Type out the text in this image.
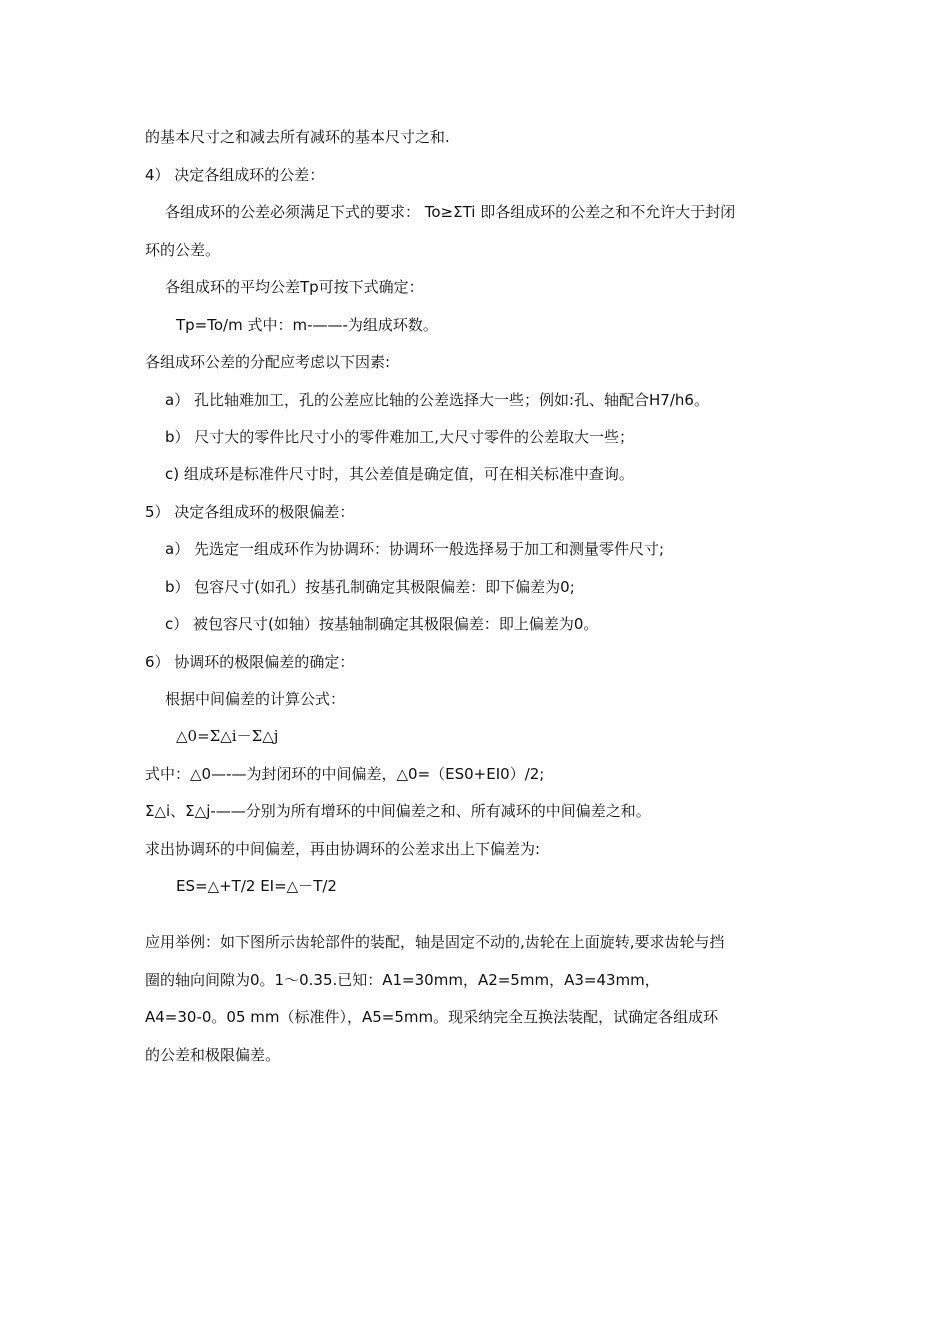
的基本尺寸之和减去所有减环的基本尺寸之和.
4） 决定各组成环的公差：
各组成环的公差必须满足下式的要求： To≥ΣTi 即各组成环的公差之和不允许大于封闭
环的公差。
各组成环的平均公差Tp可按下式确定：
Tp=To/m 式中：m-——-为组成环数。
各组成环公差的分配应考虑以下因素:
a） 孔比轴难加工，孔的公差应比轴的公差选择大一些；例如:孔、轴配合H7/h6。
b） 尺寸大的零件比尺寸小的零件难加工,大尺寸零件的公差取大一些；
c) 组成环是标准件尺寸时，其公差值是确定值，可在相关标准中查询。
5） 决定各组成环的极限偏差：
a） 先选定一组成环作为协调环：协调环一般选择易于加工和测量零件尺寸;
b） 包容尺寸(如孔）按基孔制确定其极限偏差：即下偏差为0;
c） 被包容尺寸(如轴）按基轴制确定其极限偏差：即上偏差为0。
6） 协调环的极限偏差的确定：
根据中间偏差的计算公式：
△0=Σ△i－Σ△j
式中：△0—-—为封闭环的中间偏差，△0=（ES0+EI0）/2;
Σ△i、Σ△j-——分别为所有增环的中间偏差之和、所有减环的中间偏差之和。
求出协调环的中间偏差，再由协调环的公差求出上下偏差为:
ES=△+T/2 EI=△－T/2
应用举例：如下图所示齿轮部件的装配，轴是固定不动的,齿轮在上面旋转,要求齿轮与挡
圈的轴向间隙为0。1～0.35.已知：A1=30mm，A2=5mm，A3=43mm，
A4=30-0。05 mm（标准件），A5=5mm。现采纳完全互换法装配，试确定各组成环
的公差和极限偏差。
